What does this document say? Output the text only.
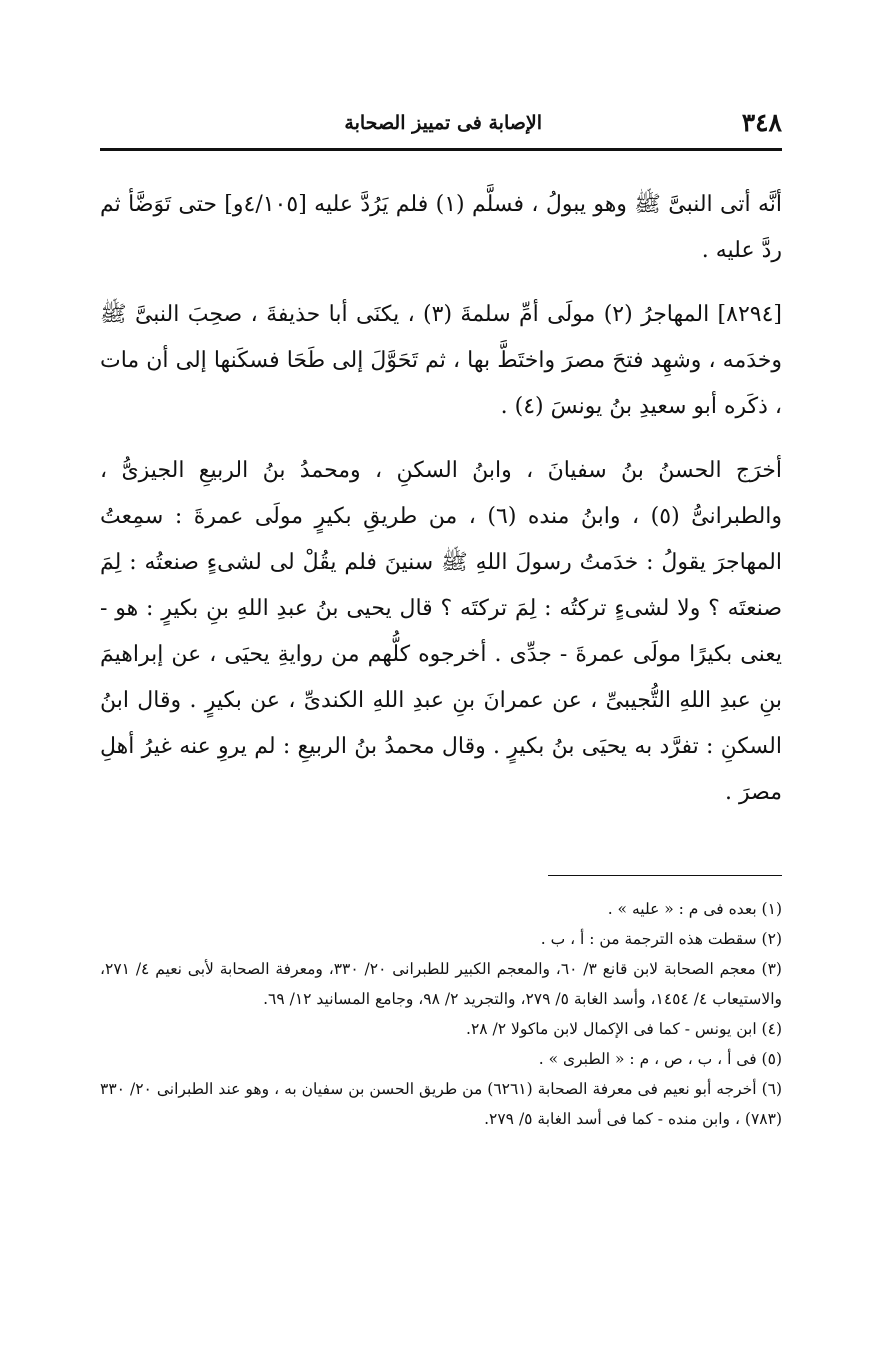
٣٤٨
الإصابة فى تمييز الصحابة

أنَّه أتى النبىَّ ﷺ وهو يبولُ ، فسلَّم (١) فلم يَرُدَّ عليه [٤/١٠٥و] حتى تَوَضَّأ ثم ردَّ عليه .

[٨٢٩٤] المهاجرُ (٢) مولَى أمِّ سلمةَ (٣) ، يكنَى أبا حذيفةَ ، صحِبَ النبىَّ ﷺ وخدَمه ، وشهِد فتحَ مصرَ واختَطَّ بها ، ثم تَحَوَّلَ إلى طَحَا فسكَنها إلى أن مات ، ذكَره أبو سعيدِ بنُ يونسَ (٤) .

أخرَج الحسنُ بنُ سفيانَ ، وابنُ السكنِ ، ومحمدُ بنُ الربيعِ الجيزىُّ ، والطبرانىُّ (٥) ، وابنُ منده (٦) ، من طريقِ بكيرٍ مولَى عمرةَ : سمِعتُ المهاجرَ يقولُ : خدَمتُ رسولَ اللهِ ﷺ سنينَ فلم يقُلْ لى لشىءٍ صنعتُه : لِمَ صنعتَه ؟ ولا لشىءٍ تركتُه : لِمَ تركتَه ؟ قال يحيى بنُ عبدِ اللهِ بنِ بكيرٍ : هو - يعنى بكيرًا مولَى عمرةَ - جدِّى . أخرجوه كلُّهم من روايةِ يحيَى ، عن إبراهيمَ بنِ عبدِ اللهِ التُّجيبىِّ ، عن عمرانَ بنِ عبدِ اللهِ الكندىِّ ، عن بكيرٍ . وقال ابنُ السكنِ : تفرَّد به يحيَى بنُ بكيرٍ . وقال محمدُ بنُ الربيعِ : لم يروِ عنه غيرُ أهلِ مصرَ .

(١) بعده فى م : « عليه » .

(٢) سقطت هذه الترجمة من : أ ، ب .

(٣) معجم الصحابة لابن قانع ٣/ ٦٠، والمعجم الكبير للطبرانى ٢٠/ ٣٣٠، ومعرفة الصحابة لأبى نعيم ٤/ ٢٧١، والاستيعاب ٤/ ١٤٥٤، وأسد الغابة ٥/ ٢٧٩، والتجريد ٢/ ٩٨، وجامع المسانيد ١٢/ ٦٩.

(٤) ابن يونس - كما فى الإكمال لابن ماكولا ٢/ ٢٨.

(٥) فى أ ، ب ، ص ، م : « الطبرى » .

(٦) أخرجه أبو نعيم فى معرفة الصحابة (٦٢٦١) من طريق الحسن بن سفيان به ، وهو عند الطبرانى ٢٠/ ٣٣٠ (٧٨٣) ، وابن منده - كما فى أسد الغابة ٥/ ٢٧٩.
